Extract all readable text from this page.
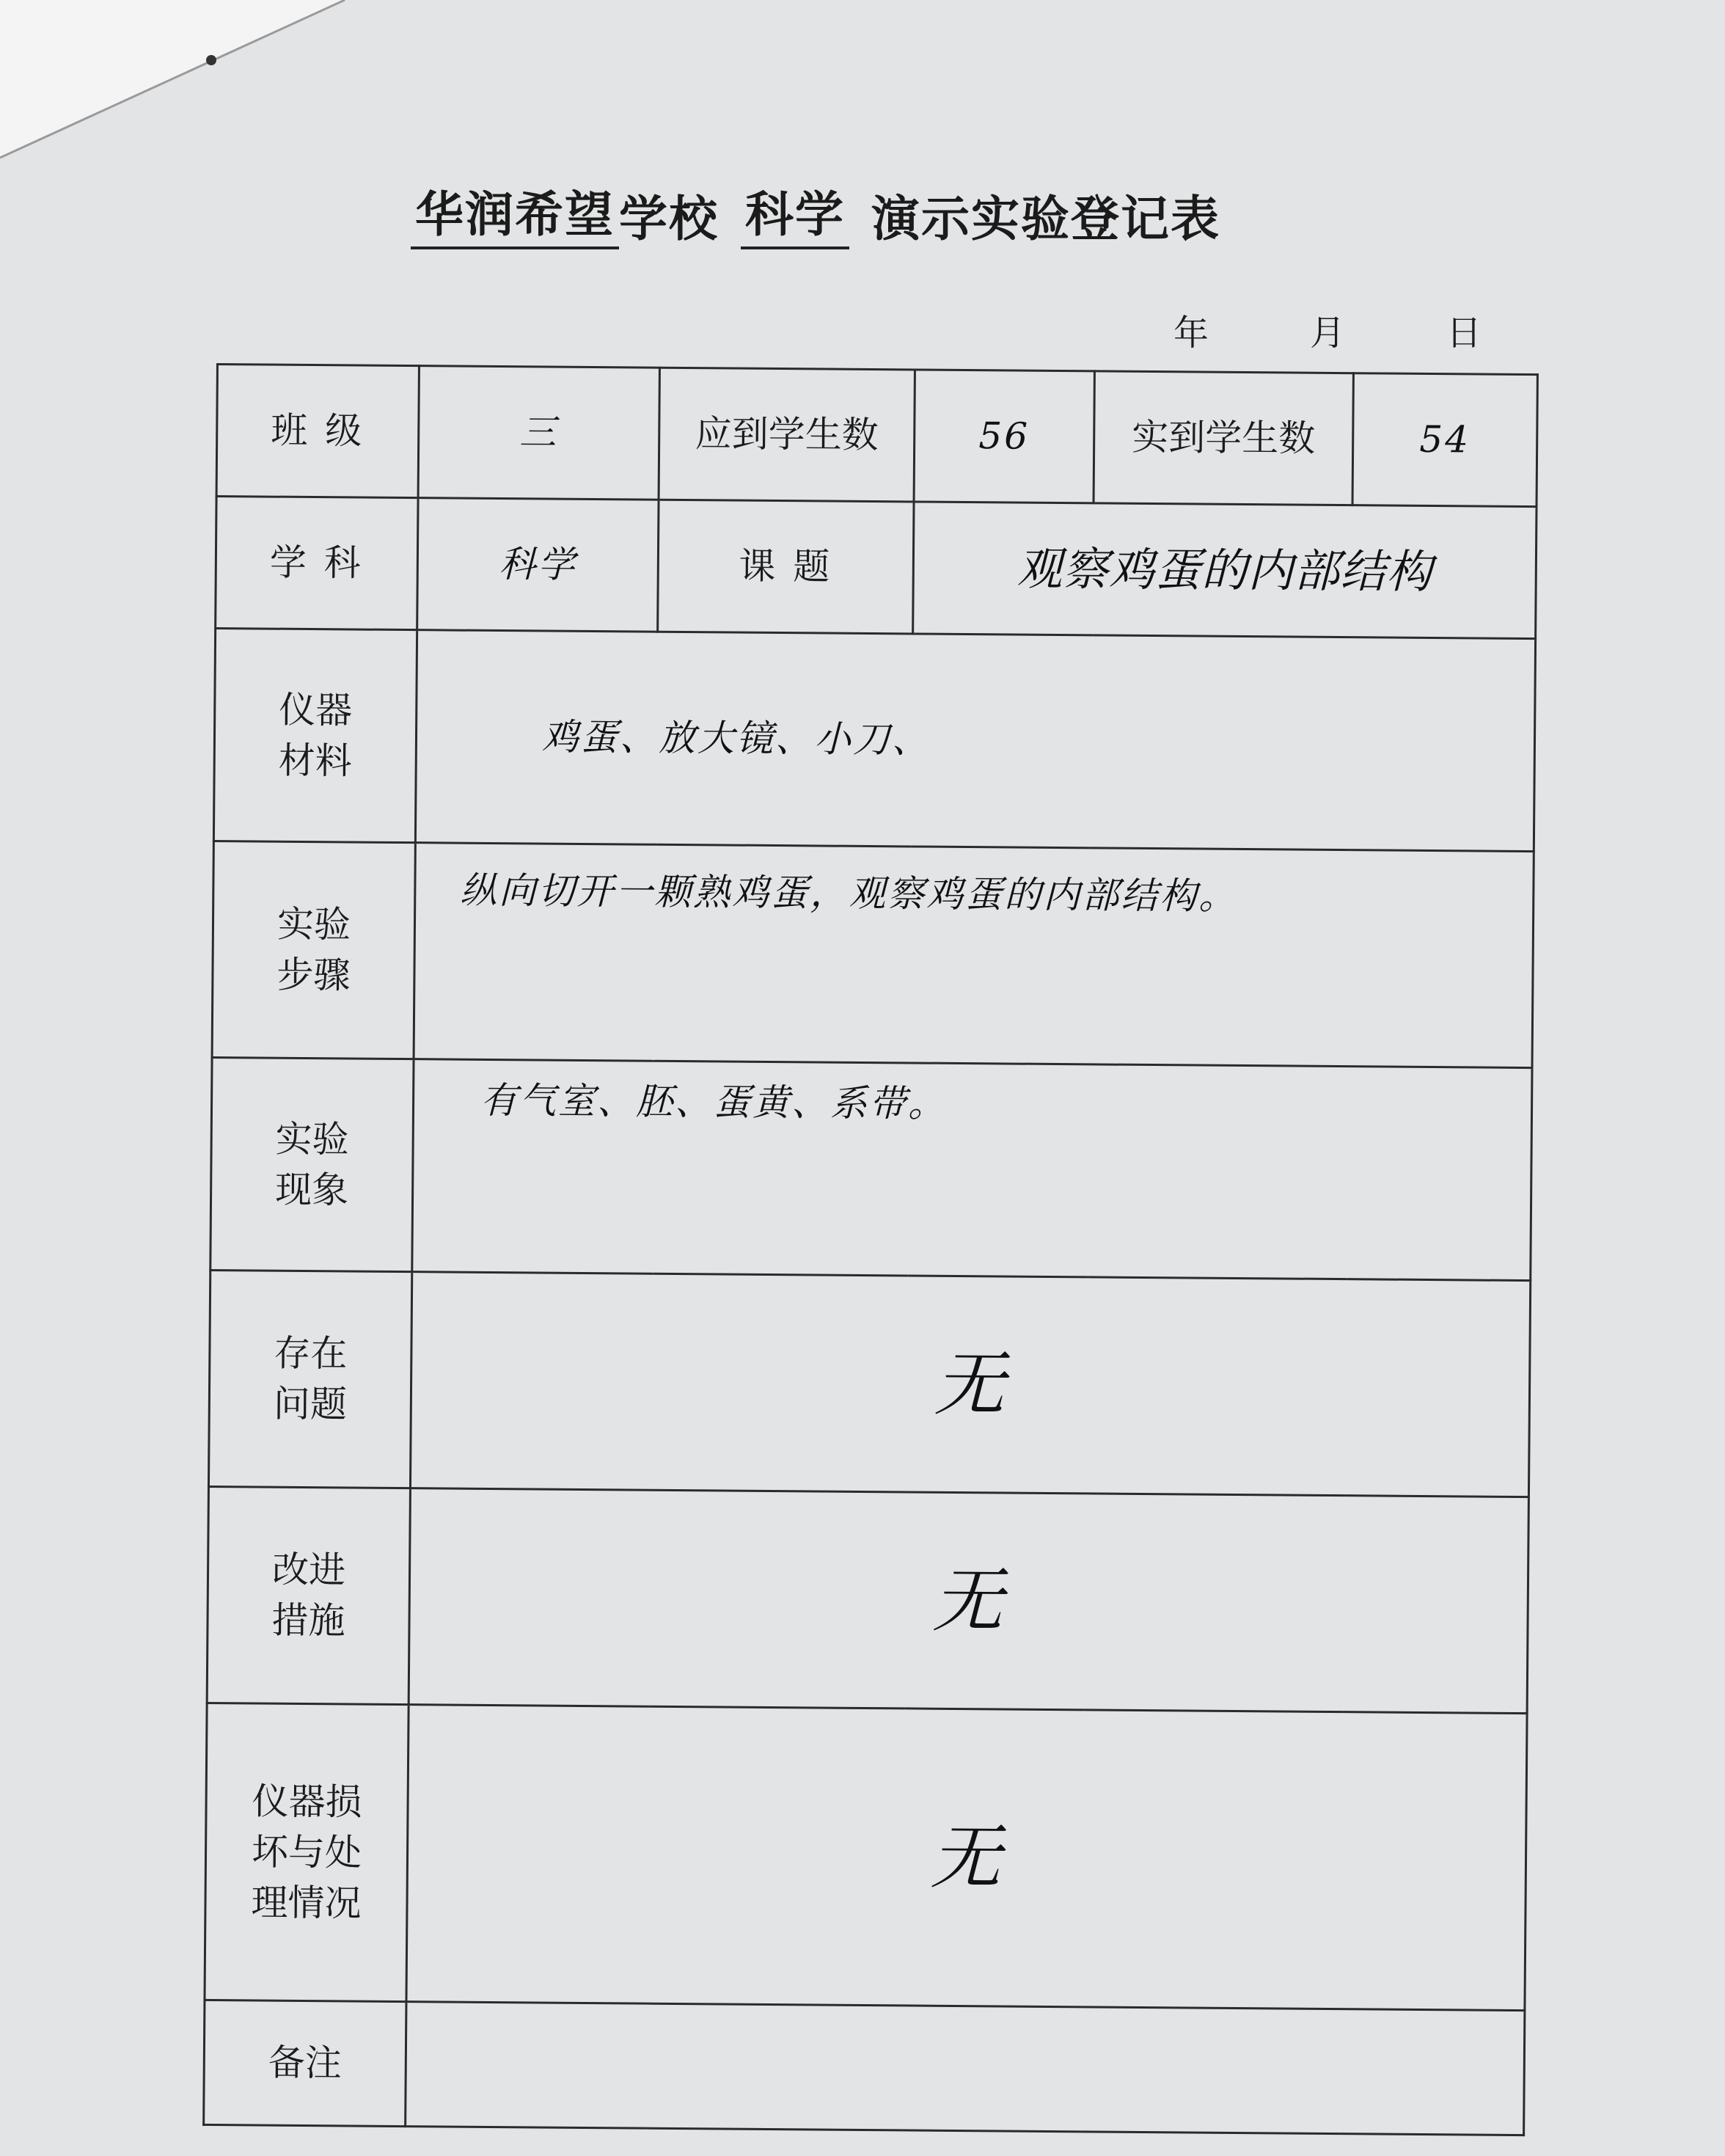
华润希望 学校 科学 演示实验登记表
年	月	日
班 级	三	应到学生数	56	实到学生数	54
学 科	科学	课 题	观察鸡蛋的内部结构		
仪器
材料	鸡蛋、放大镜、小刀、				
实验
步骤	纵向切开一颗熟鸡蛋，观察鸡蛋的内部结构。				
实验
现象	有气室、胚、蛋黄、系带。				
存在
问题	无				
改进
措施	无				
仪器损
坏与处
理情况	无				
备注					
